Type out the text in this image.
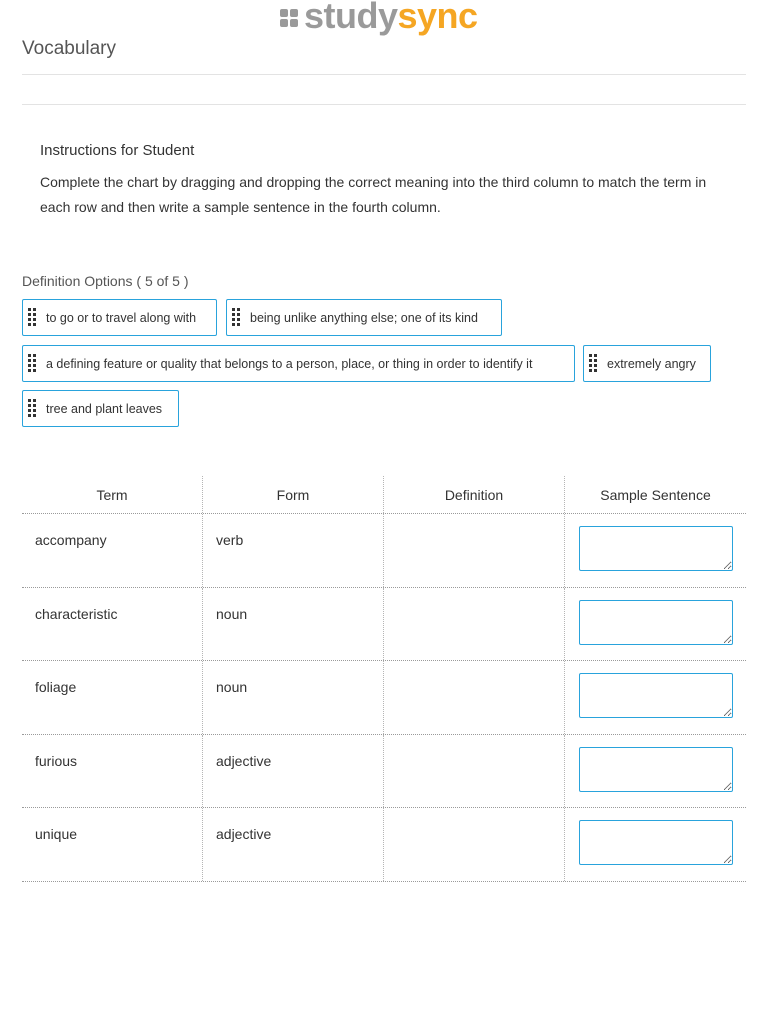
studysync
Vocabulary
Instructions for Student

Complete the chart by dragging and dropping the correct meaning into the third column to match the term in each row and then write a sample sentence in the fourth column.

Definition Options ( 5 of 5 )
to go or to travel along with	being unlike anything else; one of its kind
a defining feature or quality that belongs to a person, place, or thing in order to identify it	extremely angry
tree and plant leaves
Term	Form	Definition	Sample Sentence
accompany	verb
characteristic	noun
foliage	noun
furious	adjective
unique	adjective
